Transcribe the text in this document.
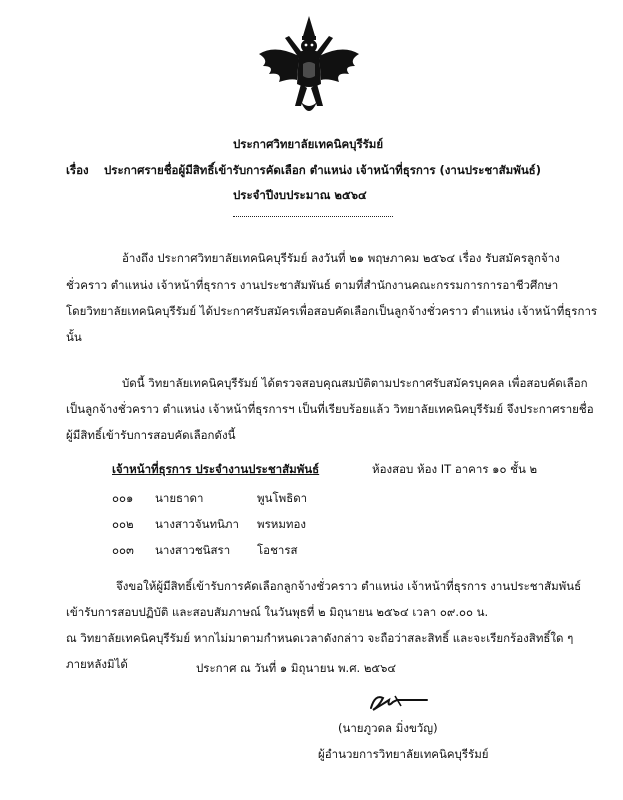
ประกาศวิทยาลัยเทคนิคบุรีรัมย์
เรื่อง ประกาศรายชื่อผู้มีสิทธิ์เข้ารับการคัดเลือก ตำแหน่ง เจ้าหน้าที่ธุรการ (งานประชาสัมพันธ์)
ประจำปีงบประมาณ ๒๕๖๔
อ้างถึง ประกาศวิทยาลัยเทคนิคบุรีรัมย์ ลงวันที่ ๒๑ พฤษภาคม ๒๕๖๔ เรื่อง รับสมัครลูกจ้าง
ชั่วคราว ตำแหน่ง เจ้าหน้าที่ธุรการ งานประชาสัมพันธ์ ตามที่สำนักงานคณะกรรมการการอาชีวศึกษา
โดยวิทยาลัยเทคนิคบุรีรัมย์ ได้ประกาศรับสมัครเพื่อสอบคัดเลือกเป็นลูกจ้างชั่วคราว ตำแหน่ง เจ้าหน้าที่ธุรการ
นั้น
บัดนี้ วิทยาลัยเทคนิคบุรีรัมย์ ได้ตรวจสอบคุณสมบัติตามประกาศรับสมัครบุคคล เพื่อสอบคัดเลือก
เป็นลูกจ้างชั่วคราว ตำแหน่ง เจ้าหน้าที่ธุรการฯ เป็นที่เรียบร้อยแล้ว วิทยาลัยเทคนิคบุรีรัมย์ จึงประกาศรายชื่อ
ผู้มีสิทธิ์เข้ารับการสอบคัดเลือกดังนี้
เจ้าหน้าที่ธุรการ ประจำงานประชาสัมพันธ์	ห้องสอบ ห้อง IT อาคาร ๑๐ ชั้น ๒
๐๐๑ นายธาดา	พูนโพธิดา
๐๐๒ นางสาวจันทนิภา พรหมทอง
๐๐๓ นางสาวชนิสรา โอชารส
จึงขอให้ผู้มีสิทธิ์เข้ารับการคัดเลือกลูกจ้างชั่วคราว ตำแหน่ง เจ้าหน้าที่ธุรการ งานประชาสัมพันธ์
เข้ารับการสอบปฏิบัติ และสอบสัมภาษณ์ ในวันพุธที่ ๒ มิถุนายน ๒๕๖๔ เวลา ๐๙.๐๐ น.
ณ วิทยาลัยเทคนิคบุรีรัมย์ หากไม่มาตามกำหนดเวลาดังกล่าว จะถือว่าสละสิทธิ์ และจะเรียกร้องสิทธิ์ใด ๆ
ภายหลังมิได้	ประกาศ ณ วันที่ ๑ มิถุนายน พ.ศ. ๒๕๖๔
(นายภูวดล มิ่งขวัญ)
ผู้อำนวยการวิทยาลัยเทคนิคบุรีรัมย์
